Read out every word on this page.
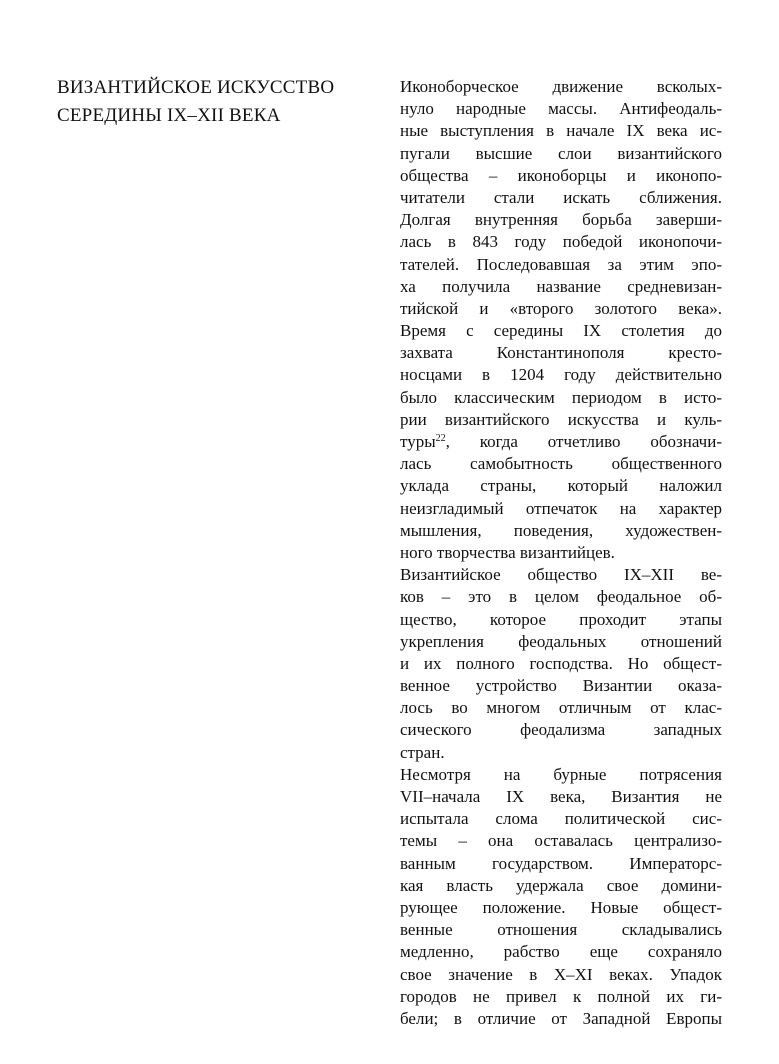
ВИЗАНТИЙСКОЕ ИСКУССТВО
СЕРЕДИНЫ IX–XII ВЕКА
Иконоборческое движение всколых-
нуло народные массы. Антифеодаль-
ные выступления в начале IX века ис-
пугали высшие слои византийского
общества – иконоборцы и иконопо-
читатели стали искать сближения.
Долгая внутренняя борьба заверши-
лась в 843 году победой иконопочи-
тателей. Последовавшая за этим эпо-
ха получила название средневизан-
тийской и «второго золотого века».
Время с середины IX столетия до
захвата Константинополя кресто-
носцами в 1204 году действительно
было классическим периодом в исто-
рии византийского искусства и куль-
туры$^{22}$, когда отчетливо обозначи-
лась самобытность общественного
уклада страны, который наложил
неизгладимый отпечаток на характер
мышления, поведения, художествен-
ного творчества византийцев.
Византийское общество IX–XII ве-
ков – это в целом феодальное об-
щество, которое проходит этапы
укрепления феодальных отношений
и их полного господства. Но общест-
венное устройство Византии оказа-
лось во многом отличным от клас-
сического феодализма западных
стран.
Несмотря на бурные потрясения
VII–начала IX века, Византия не
испытала слома политической сис-
темы – она оставалась централизо-
ванным государством. Императорс-
кая власть удержала свое домини-
рующее положение. Новые общест-
венные отношения складывались
медленно, рабство еще сохраняло
свое значение в X–XI веках. Упадок
городов не привел к полной их ги-
бели; в отличие от Западной Европы
